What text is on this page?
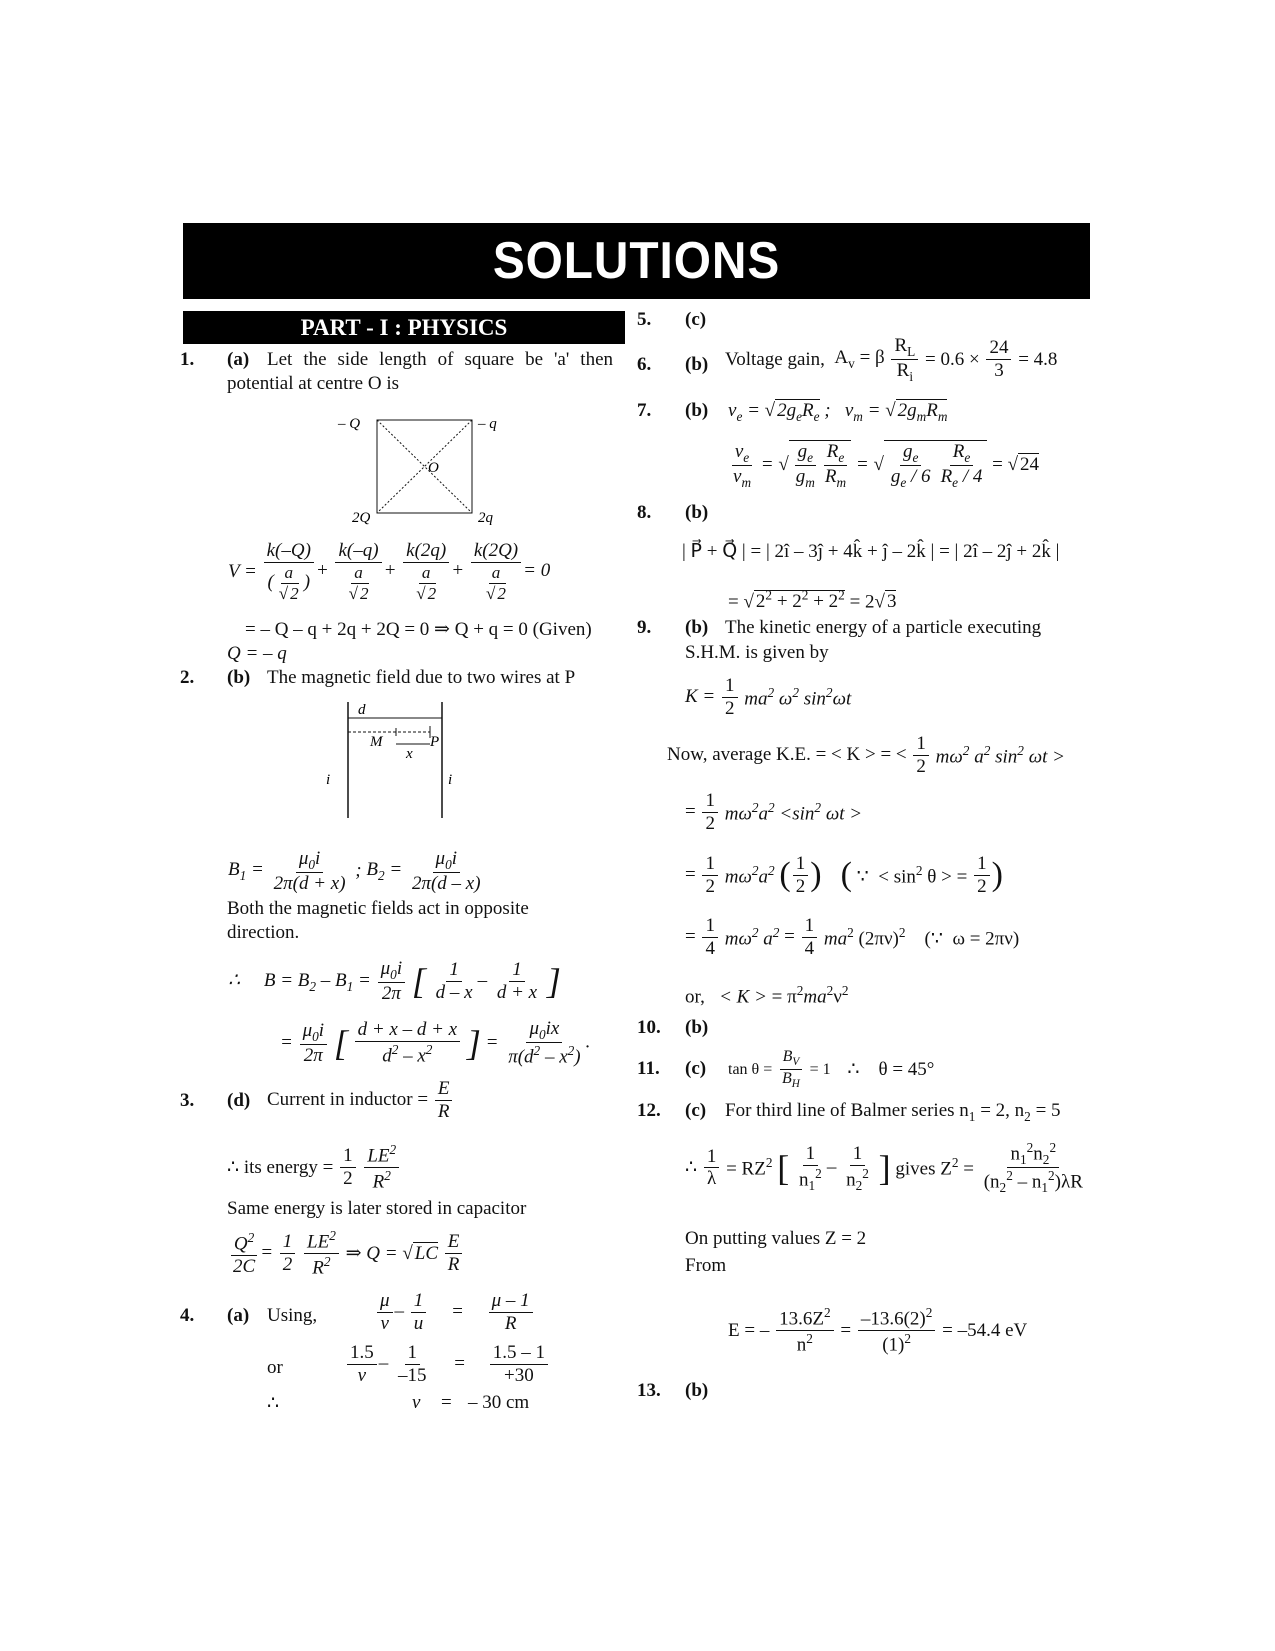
SOLUTIONS
PART - I : PHYSICS
1. (a) Let the side length of square be 'a' then
potential at centre O is
– Q	– q
2Q	2q
O
$V = \frac{k(-Q)}{( \frac{a}{√ 2} )} + \frac{k(-q)}{\frac{a}{√ 2}} + \frac{k(2q)}{\frac{a}{√ 2}} + \frac{k(2Q)}{\frac{a}{√ 2}} = 0$
= – Q – q + 2q + 2Q = 0 ⇒ Q + q = 0 (Given)
Q = – q
2. (b) The magnetic field due to two wires at P
d
M	P
x
i	i
$B_1 = \frac{\mu_0i}{2\pi(d + x)}$ ; $B_2 = \frac{\mu_0i}{2\pi(d - x)}$
Both the magnetic fields act in opposite
direction.
∴     $B = B_2 - B_1 = \frac{\mu_0i}{2\pi}$ [ $\frac{1}{d - x} - \frac{1}{d + x}$ ]
= $\frac{\mu_0i}{2\pi}$ [ $\frac{d + x - d + x}{d^2 - x^2}$ ] = $\frac{\mu_0ix}{\pi(d^2 - x^2)}$ .
3. (d) Current in inductor = $\frac{E}{R}$
∴ its energy = $\frac{1}{2}$
$\frac{LE^2}{R^2}$
Same energy is later stored in capacitor
$\frac{Q^2}{2C} = \frac{1}{2}$
$\frac{LE^2}{R^2}$ ⇒ Q = √ LC $\frac{E}{R}$
4. (a) Using,	$\frac{\mu}{v} - \frac{1}{u} = \frac{\mu - 1}{R}$
or	$\frac{1.5}{v} - \frac{1}{-15} = \frac{1.5 - 1}{+30}$
∴	v = – 30 cm
5. (c)
6. (b) Voltage gain,  $A_v = \beta \frac{R_L}{R_i} = 0.6 \times \frac{24}{3} = 4.8$
7. (b) $v_e$ = √ $2g_eR_e$ ;   $v_m$ = √ $2g_mR_m$
$\frac{v_e}{v_m}$ = √ $\frac{g_e}{g_m} \frac{R_e}{R_m}$ = √ $\frac{g_e}{g_e / 6} \frac{R_e}{R_e / 4}$ = √ 24
8. (b)
| P⃗ + Q⃗ | = | 2î – 3ĵ + 4k̂ + ĵ – 2k̂ | = | 2î – 2ĵ + 2k̂ |
= √ $2^2 + 2^2 + 2^2 = 2√$ 3
9. (b) The kinetic energy of a particle executing
S.H.M. is given by
$K = \frac{1}{2} ma^2$ $\omega^2$ $\sin^2\omega t$
Now, average K.E. = < K > = < $\frac{1}{2} m\omega^2$ $a^2$ $\sin^2 \omega t$ >
= $\frac{1}{2} m\omega^2a^2 <\sin^2$ ωt >
= $\frac{1}{2} m\omega^2a^2$ ( $\frac{1}{2}$ ) ( ∵  < $\sin^2 \theta$ > = $\frac{1}{2}$ )
= $\frac{1}{4} m\omega^2$ $a^2 = \frac{1}{4} ma^2$ $(2\pi\nu)^2$    (∵  ω = 2πν)
or, < K > = $\pi^2ma^2\nu^2$
10. (b)
11. (c) $\tan \theta = \frac{B_V}{B_H} = 1$    ∴    θ = 45°
12. (c) For third line of Balmer series $n_1 = 2$, $n_2 = 5$
∴ $\frac{1}{\lambda} = RZ^2$ [ $\frac{1}{n_1^2} - \frac{1}{n_2^2}$ ] gives $Z^2 = \frac{n_1^2n_2^2}{(n_2^2 - n_1^2)\lambda R}$
On putting values Z = 2
From
E = – $\frac{13.6Z^2}{n^2} = \frac{-13.6(2)^2}{(1)^2} = -54.4$ eV
13. (b)
